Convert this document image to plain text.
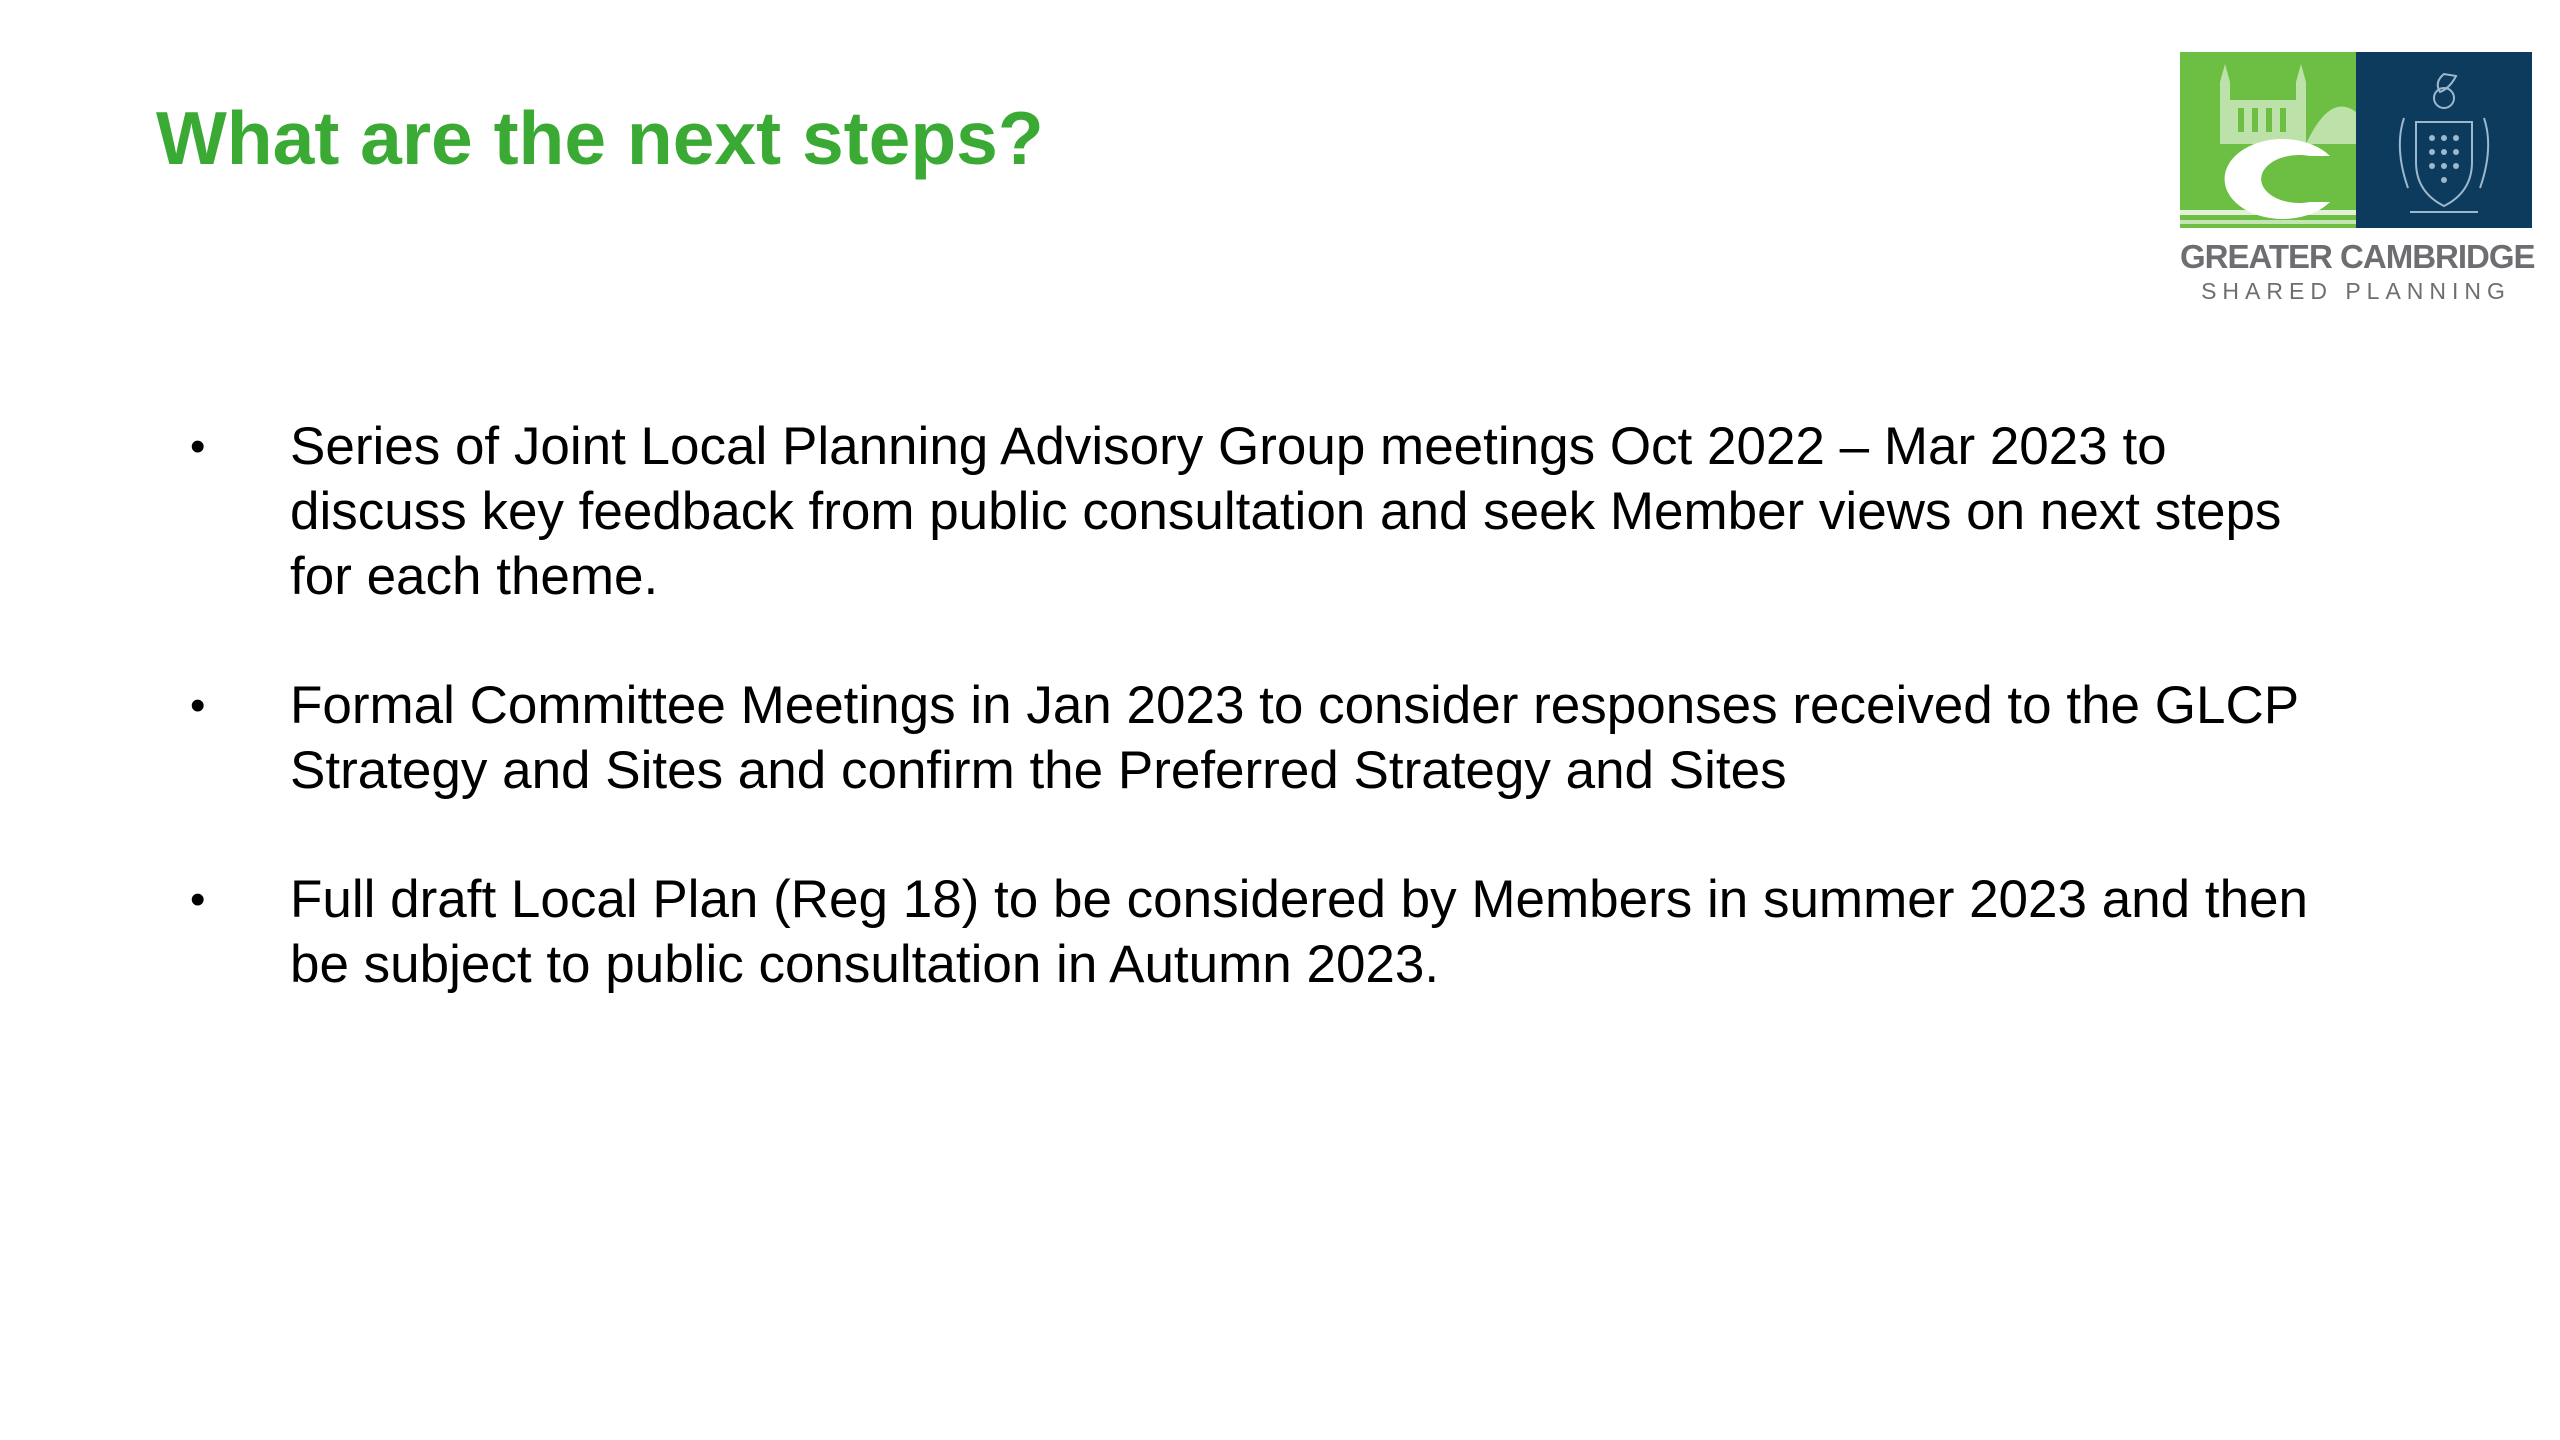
What are the next steps?
GREATER CAMBRIDGE
SHARED PLANNING
• Series of Joint Local Planning Advisory Group meetings Oct 2022 – Mar 2023 to discuss key feedback from public consultation and seek Member views on next steps for each theme.
• Formal Committee Meetings in Jan 2023 to consider responses received to the GLCP Strategy and Sites and confirm the Preferred Strategy and Sites
• Full draft Local Plan (Reg 18) to be considered by Members in summer 2023 and then be subject to public consultation in Autumn 2023.
